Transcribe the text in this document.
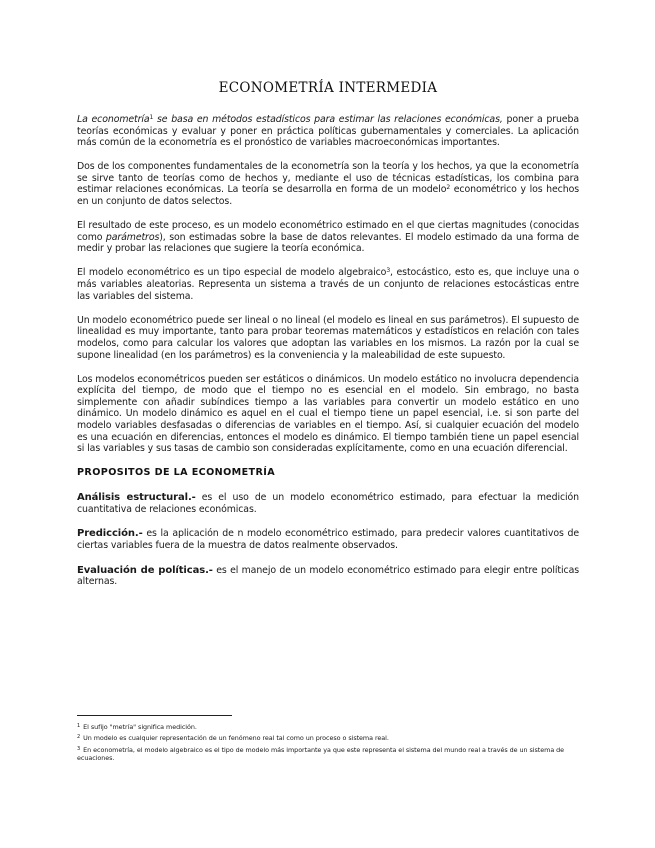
ECONOMETRÍA INTERMEDIA

La econometría$^1$ se basa en métodos estadísticos para estimar las relaciones económicas, poner a prueba teorías económicas y evaluar y poner en práctica políticas gubernamentales y comerciales. La aplicación más común de la econometría es el pronóstico de variables macroeconómicas importantes.

Dos de los componentes fundamentales de la econometría son la teoría y los hechos, ya que la econometría se sirve tanto de teorías como de hechos y, mediante el uso de técnicas estadísticas, los combina para estimar relaciones económicas. La teoría se desarrolla en forma de un modelo$^2$ econométrico y los hechos en un conjunto de datos selectos.

El resultado de este proceso, es un modelo econométrico estimado en el que ciertas magnitudes (conocidas como parámetros), son estimadas sobre la base de datos relevantes. El modelo estimado da una forma de medir y probar las relaciones que sugiere la teoría económica.

El modelo econométrico es un tipo especial de modelo algebraico$^3$, estocástico, esto es, que incluye una o más variables aleatorias. Representa un sistema a través de un conjunto de relaciones estocásticas entre las variables del sistema.

Un modelo econométrico puede ser lineal o no lineal (el modelo es lineal en sus parámetros). El supuesto de linealidad es muy importante, tanto para probar teoremas matemáticos y estadísticos en relación con tales modelos, como para calcular los valores que adoptan las variables en los mismos. La razón por la cual se supone linealidad (en los parámetros) es la conveniencia y la maleabilidad de este supuesto.

Los modelos econométricos pueden ser estáticos o dinámicos. Un modelo estático no involucra dependencia explícita del tiempo, de modo que el tiempo no es esencial en el modelo. Sin embrago, no basta simplemente con añadir subíndices tiempo a las variables para convertir un modelo estático en uno dinámico. Un modelo dinámico es aquel en el cual el tiempo tiene un papel esencial, i.e. si son parte del modelo variables desfasadas o diferencias de variables en el tiempo. Así, si cualquier ecuación del modelo es una ecuación en diferencias, entonces el modelo es dinámico. El tiempo también tiene un papel esencial si las variables y sus tasas de cambio son consideradas explícitamente, como en una ecuación diferencial.

PROPOSITOS DE LA ECONOMETRÍA

Análisis estructural.- es el uso de un modelo econométrico estimado, para efectuar la medición cuantitativa de relaciones económicas.

Predicción.- es la aplicación de n modelo econométrico estimado, para predecir valores cuantitativos de ciertas variables fuera de la muestra de datos realmente observados.

Evaluación de políticas.- es el manejo de un modelo econométrico estimado para elegir entre políticas alternas.

$^1$ El sufijo "metría" significa medición.

$^2$ Un modelo es cualquier representación de un fenómeno real tal como un proceso o sistema real.

$^3$ En econometría, el modelo algebraico es el tipo de modelo más importante ya que este representa el sistema del mundo real a través de un sistema de ecuaciones.
